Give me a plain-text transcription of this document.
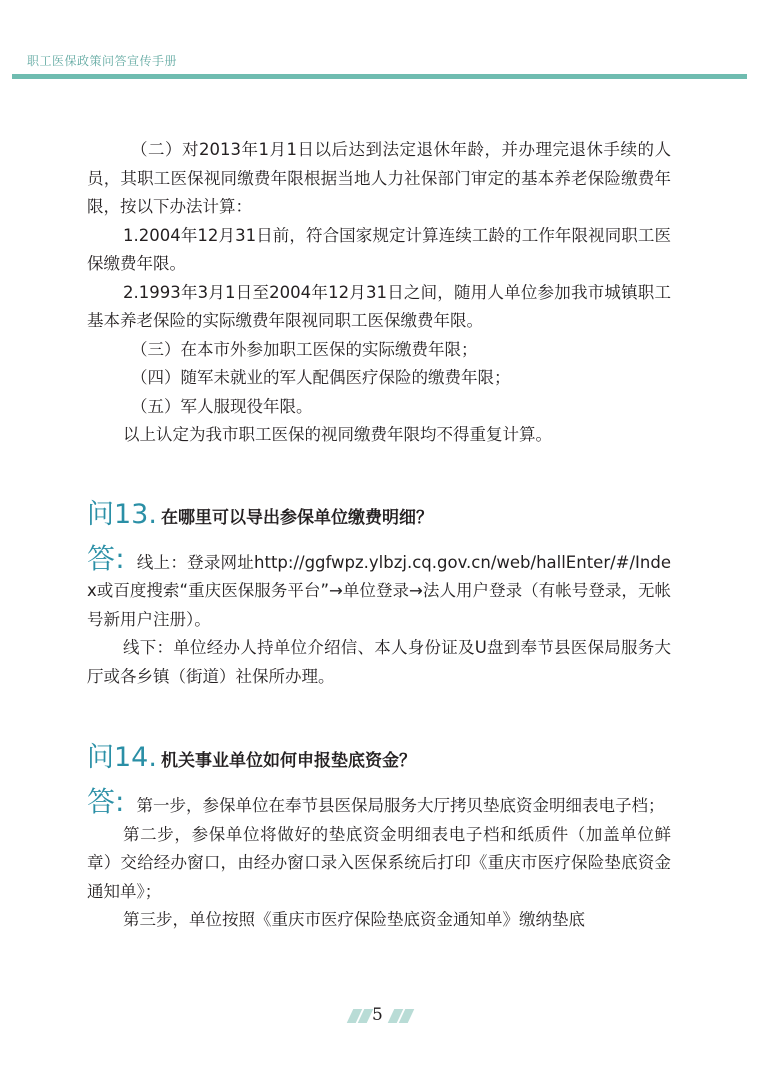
职工医保政策问答宣传手册

（二）对2013年1月1日以后达到法定退休年龄，并办理完退休手续的人员，其职工医保视同缴费年限根据当地人力社保部门审定的基本养老保险缴费年限，按以下办法计算：

1.2004年12月31日前，符合国家规定计算连续工龄的工作年限视同职工医保缴费年限。

2.1993年3月1日至2004年12月31日之间，随用人单位参加我市城镇职工基本养老保险的实际缴费年限视同职工医保缴费年限。

（三）在本市外参加职工医保的实际缴费年限；

（四）随军未就业的军人配偶医疗保险的缴费年限；

（五）军人服现役年限。

以上认定为我市职工医保的视同缴费年限均不得重复计算。

问13. 在哪里可以导出参保单位缴费明细？

答: 线上：登录网址http://ggfwpz.ylbzj.cq.gov.cn/web/hallEnter/#/Index或百度搜索“重庆医保服务平台”→单位登录→法人用户登录（有帐号登录，无帐号新用户注册）。

线下：单位经办人持单位介绍信、本人身份证及U盘到奉节县医保局服务大厅或各乡镇（街道）社保所办理。

问14. 机关事业单位如何申报垫底资金？

答: 第一步，参保单位在奉节县医保局服务大厅拷贝垫底资金明细表电子档；

第二步，参保单位将做好的垫底资金明细表电子档和纸质件（加盖单位鲜章）交给经办窗口，由经办窗口录入医保系统后打印《重庆市医疗保险垫底资金通知单》；

第三步，单位按照《重庆市医疗保险垫底资金通知单》缴纳垫底

5
